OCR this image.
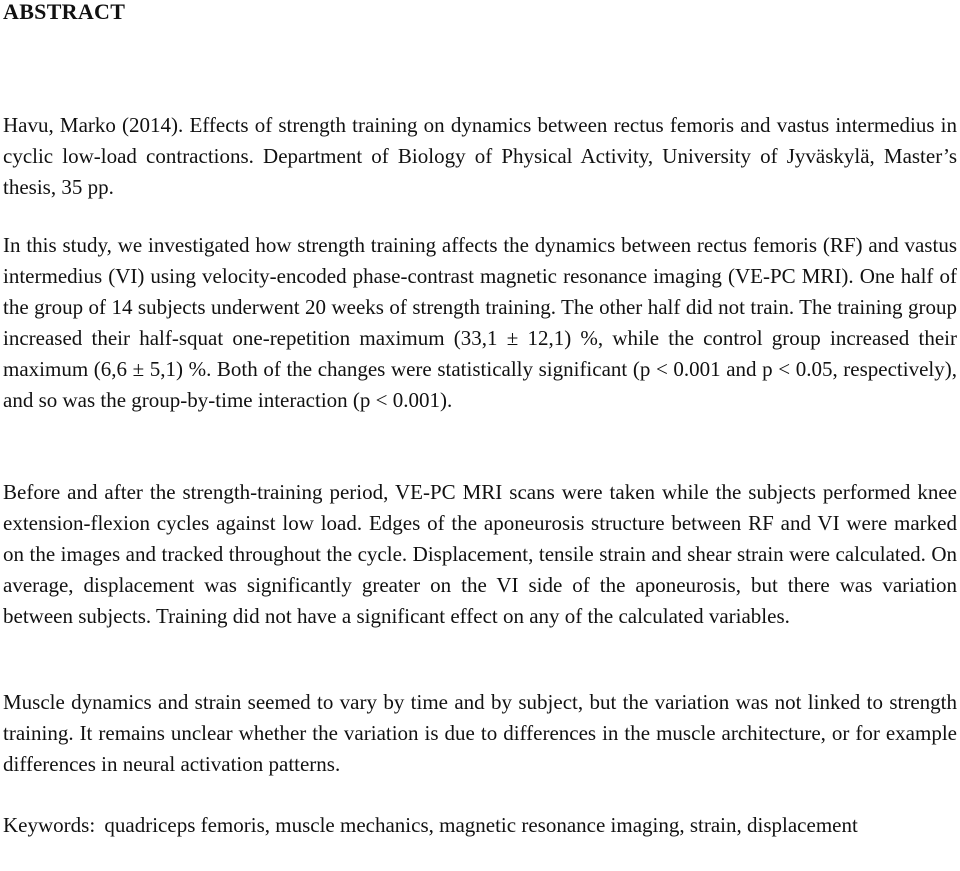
ABSTRACT

Havu, Marko (2014). Effects of strength training on dynamics between rectus femoris and vastus intermedius in cyclic low-load contractions. Department of Biology of Physical Activity, University of Jyväskylä, Master’s thesis, 35 pp.

In this study, we investigated how strength training affects the dynamics between rectus femoris (RF) and vastus intermedius (VI) using velocity-encoded phase-contrast magnetic resonance imaging (VE-PC MRI). One half of the group of 14 subjects underwent 20 weeks of strength training. The other half did not train. The training group increased their half-squat one-repetition maximum (33,1 ± 12,1) %, while the control group increased their maximum (6,6 ± 5,1) %. Both of the changes were statistically significant (p < 0.001 and p < 0.05, respectively), and so was the group-by-time interaction (p < 0.001).

Before and after the strength-training period, VE-PC MRI scans were taken while the subjects performed knee extension-flexion cycles against low load. Edges of the aponeurosis structure between RF and VI were marked on the images and tracked throughout the cycle. Displacement, tensile strain and shear strain were calculated. On average, displacement was significantly greater on the VI side of the aponeurosis, but there was variation between subjects. Training did not have a significant effect on any of the calculated variables.

Muscle dynamics and strain seemed to vary by time and by subject, but the variation was not linked to strength training. It remains unclear whether the variation is due to differences in the muscle architecture, or for example differences in neural activation patterns.

Keywords: quadriceps femoris, muscle mechanics, magnetic resonance imaging, strain, displacement
